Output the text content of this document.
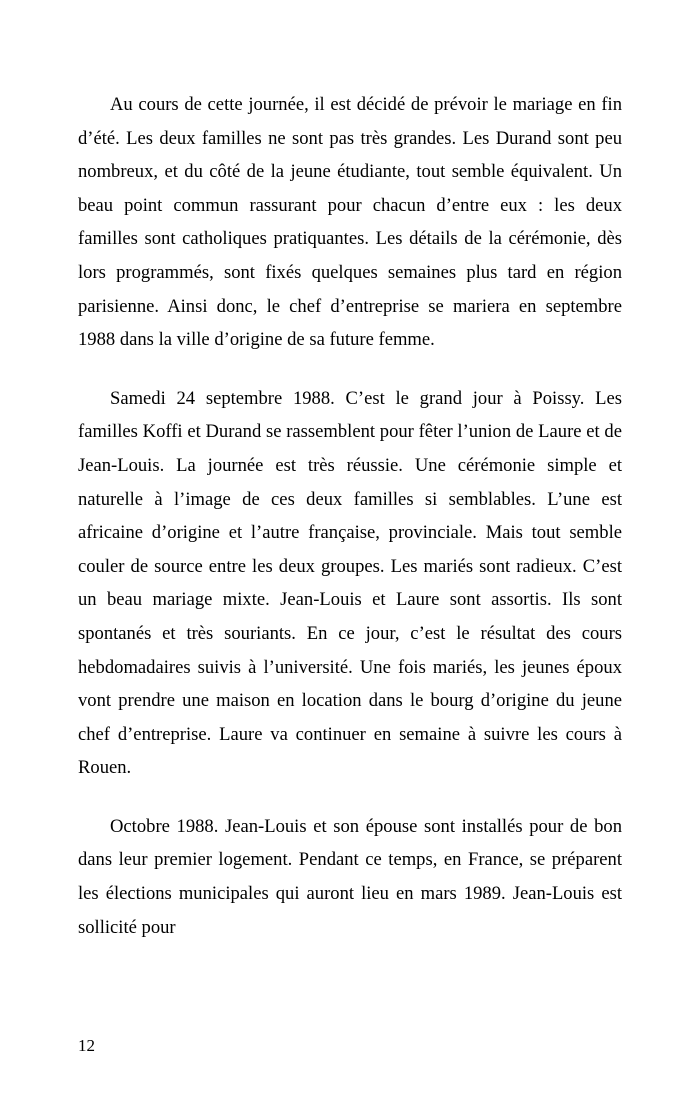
Au cours de cette journée, il est décidé de prévoir le mariage en fin d’été. Les deux familles ne sont pas très grandes. Les Durand sont peu nombreux, et du côté de la jeune étudiante, tout semble équivalent. Un beau point commun rassurant pour chacun d’entre eux : les deux familles sont catholiques pratiquantes. Les détails de la cérémonie, dès lors programmés, sont fixés quelques semaines plus tard en région parisienne. Ainsi donc, le chef d’entreprise se mariera en septembre 1988 dans la ville d’origine de sa future femme.

Samedi 24 septembre 1988. C’est le grand jour à Poissy. Les familles Koffi et Durand se rassemblent pour fêter l’union de Laure et de Jean-Louis. La journée est très réussie. Une cérémonie simple et naturelle à l’image de ces deux familles si semblables. L’une est africaine d’origine et l’autre française, provinciale. Mais tout semble couler de source entre les deux groupes. Les mariés sont radieux. C’est un beau mariage mixte. Jean-Louis et Laure sont assortis. Ils sont spontanés et très souriants. En ce jour, c’est le résultat des cours hebdomadaires suivis à l’université. Une fois mariés, les jeunes époux vont prendre une maison en location dans le bourg d’origine du jeune chef d’entreprise. Laure va continuer en semaine à suivre les cours à Rouen.

Octobre 1988. Jean-Louis et son épouse sont installés pour de bon dans leur premier logement. Pendant ce temps, en France, se préparent les élections municipales qui auront lieu en mars 1989. Jean-Louis est sollicité pour

12
